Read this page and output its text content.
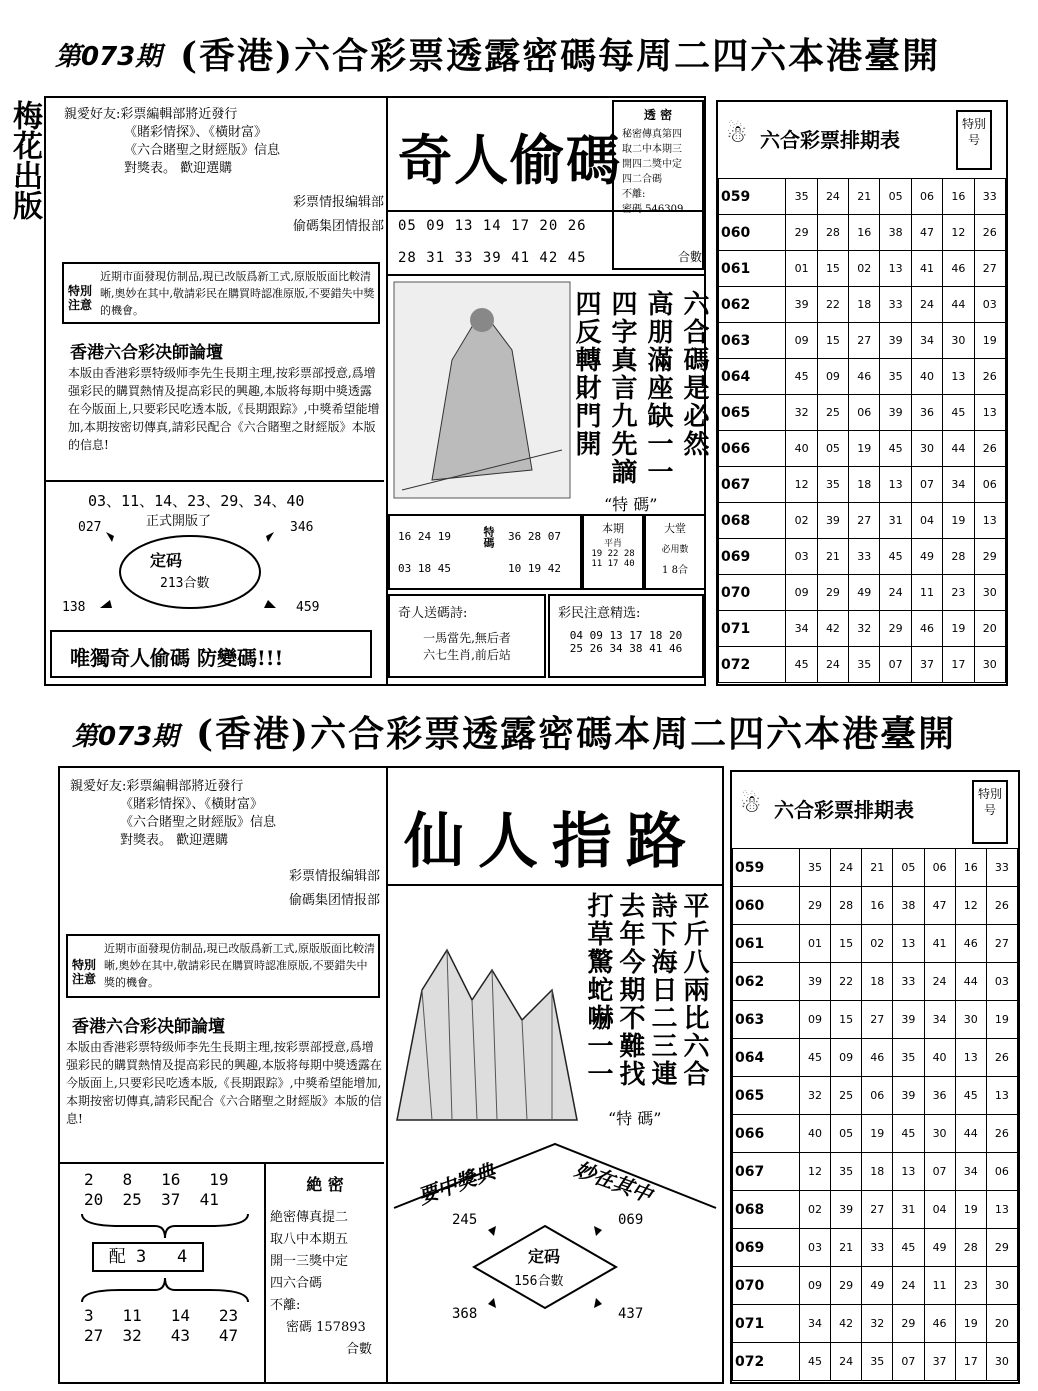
第073期 (香港)六合彩票透露密碼每周二四六本港臺開
梅花出版	親愛好友:彩票編輯部將近發行
《賭彩情探》、《橫財富》
《六合賭聖之財經版》信息
對獎表。 歡迎選購
彩票情报编辑部
偷碼集团情报部
特別注意
近期市面發現仿制品,現已改版爲新工式,原版版面比較清晰,奧妙在其中,敬請彩民在購買時認准原版,不要錯失中獎的機會。
香港六合彩决師論壇
本版由香港彩票特级师李先生長期主理,按彩票部授意,爲增强彩民的購買熱情及提高彩民的興趣,本版将每期中獎透露在今版面上,只要彩民吃透本版,《長期跟踪》,中獎希望能增加,本期按密切傳真,請彩民配合《六合賭聖之財經版》本版的信息!
03、11、14、23、29、34、40
正式開版了
027	346
138	459
定码
213合數
唯獨奇人偷碼 防變碼!!!
奇人偷碼
透 密
秘密傳真第四
取二中本期三
開四二獎中定
四二合碼
不離:
密碼 546309
05 09 13 14 17 20 26
28 31 33 39 41 42 45	合數
六合碼是必然
高朋滿座缺一一
四字真言九先謫
四反轉財門開
“特 碼”
16 24 19
03 18 45
特碼 36 28 07
10 19 42
本期
平肖
19 22 28
11 17 40
大堂
必用數
1 8合
奇人送碼詩:
一馬當先,無后者
六七生肖,前后站
彩民注意精选:
04 09 13 17 18 20
25 26 34 38 41 46
☃ 六合彩票排期表
特別号
059	35	24	21	05	06	16	33
060	29	28	16	38	47	12	26
061	01	15	02	13	41	46	27
062	39	22	18	33	24	44	03
063	09	15	27	39	34	30	19
064	45	09	46	35	40	13	26
065	32	25	06	39	36	45	13
066	40	05	19	45	30	44	26
067	12	35	18	13	07	34	06
068	02	39	27	31	04	19	13
069	03	21	33	45	49	28	29
070	09	29	49	24	11	23	30
071	34	42	32	29	46	19	20
072	45	24	35	07	37	17	30
第073期 (香港)六合彩票透露密碼本周二四六本港臺開
親愛好友:彩票編輯部將近發行
《賭彩情探》、《橫財富》
《六合賭聖之財經版》信息
對獎表。 歡迎選購
彩票情报编辑部
偷碼集团情报部
特別注意
近期市面發現仿制品,現已改版爲新工式,原版版面比較清晰,奧妙在其中,敬請彩民在購買時認准原版,不要錯失中獎的機會。
香港六合彩决師論壇
本版由香港彩票特级师李先生長期主理,按彩票部授意,爲增强彩民的購買熱情及提高彩民的興趣,本版将每期中獎透露在今版面上,只要彩民吃透本版,《長期跟踪》,中獎希望能增加,本期按密切傳真,請彩民配合《六合賭聖之財經版》本版的信息!
2   8   16   19
20  25  37  41
配 3   4
3   11   14   23
27  32   43   47
絶 密
絶密傳真提二
取八中本期五
開一三獎中定
四六合碼
不離:
密碼 157893
合數
仙人指路
平斤八兩比六合
詩下海日二三連
去年今期不難找
打草驚蛇嚇一一
“特 碼”
要中獎典	妙在其中
245	069
368	437
定码
156合數
☃ 六合彩票排期表
特別号
059	35	24	21	05	06	16	33
060	29	28	16	38	47	12	26
061	01	15	02	13	41	46	27
062	39	22	18	33	24	44	03
063	09	15	27	39	34	30	19
064	45	09	46	35	40	13	26
065	32	25	06	39	36	45	13
066	40	05	19	45	30	44	26
067	12	35	18	13	07	34	06
068	02	39	27	31	04	19	13
069	03	21	33	45	49	28	29
070	09	29	49	24	11	23	30
071	34	42	32	29	46	19	20
072	45	24	35	07	37	17	30
